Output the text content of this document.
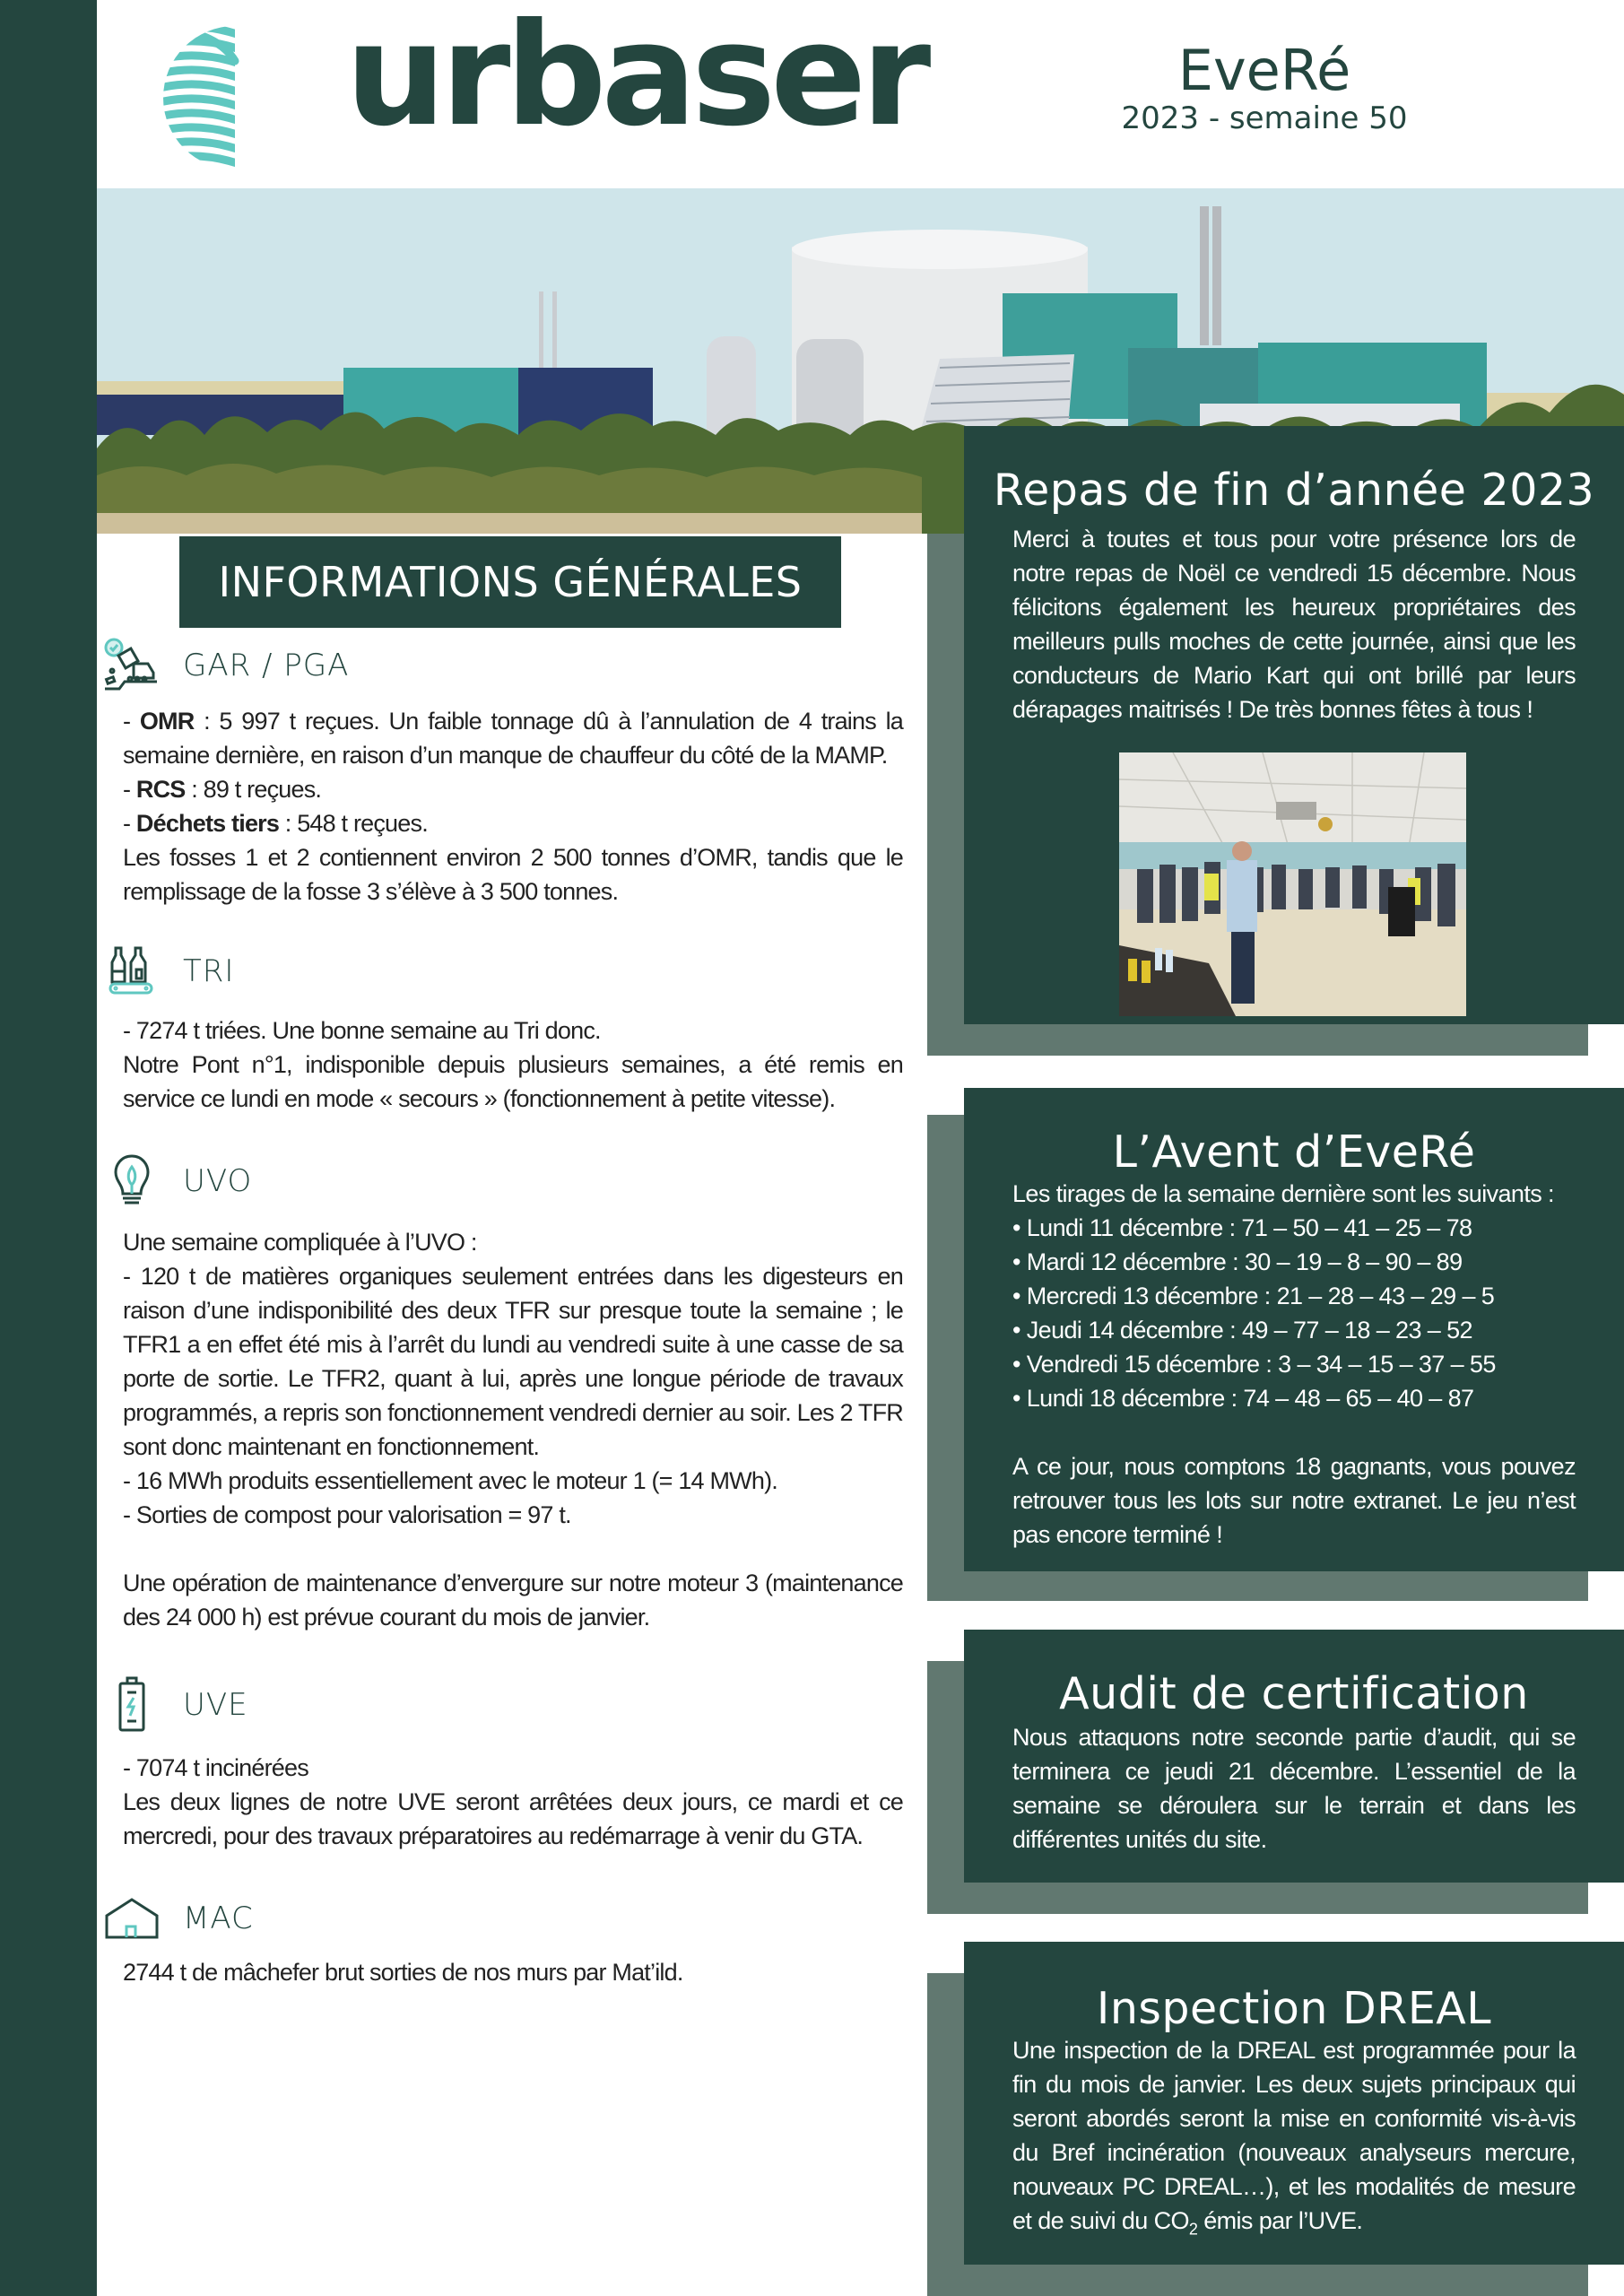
urbaser	EveRé
2023 - semaine 50
INFORMATIONS GÉNÉRALES
GAR / PGA

- OMR : 5 997 t reçues. Un faible tonnage dû à l’annulation de 4 trains la semaine dernière, en raison d’un manque de chauffeur du côté de la MAMP.

- RCS : 89 t reçues.

- Déchets tiers : 548 t reçues.

Les fosses 1 et 2 contiennent environ 2 500 tonnes d’OMR, tandis que le remplissage de la fosse 3 s’élève à 3 500 tonnes.

TRI

- 7274 t triées. Une bonne semaine au Tri donc.

Notre Pont n°1, indisponible depuis plusieurs semaines, a été remis en service ce lundi en mode « secours » (fonctionnement à petite vitesse).

UVO

Une semaine compliquée à l’UVO :

- 120 t de matières organiques seulement entrées dans les digesteurs en raison d’une indisponibilité des deux TFR sur presque toute la semaine ; le TFR1 a en effet été mis à l’arrêt du lundi au vendredi suite à une casse de sa porte de sortie. Le TFR2, quant à lui, après une longue période de travaux programmés, a repris son fonctionnement vendredi dernier au soir. Les 2 TFR sont donc maintenant en fonctionnement.

- 16 MWh produits essentiellement avec le moteur 1 (= 14 MWh).

- Sorties de compost pour valorisation = 97 t.

Une opération de maintenance d’envergure sur notre moteur 3 (maintenance des 24 000 h) est prévue courant du mois de janvier.

UVE

- 7074 t incinérées

Les deux lignes de notre UVE seront arrêtées deux jours, ce mardi et ce mercredi, pour des travaux préparatoires au redémarrage à venir du GTA.

MAC

2744 t de mâchefer brut sorties de nos murs par Mat’ild.

Repas de fin d’année 2023

Merci à toutes et tous pour votre présence lors de notre repas de Noël ce vendredi 15 décembre. Nous félicitons également les heureux propriétaires des meilleurs pulls moches de cette journée, ainsi que les conducteurs de Mario Kart qui ont brillé par leurs dérapages maitrisés ! De très bonnes fêtes à tous !

L’Avent d’EveRé

Les tirages de la semaine dernière sont les suivants :

• Lundi 11 décembre : 71 – 50 – 41 – 25 – 78

• Mardi 12 décembre : 30 – 19 – 8 – 90 – 89

• Mercredi 13 décembre : 21 – 28 – 43 – 29 – 5

• Jeudi 14 décembre : 49 – 77 – 18 – 23 – 52

• Vendredi 15 décembre : 3 – 34 – 15 – 37 – 55

• Lundi 18 décembre : 74 – 48 – 65 – 40 – 87

A ce jour, nous comptons 18 gagnants, vous pouvez retrouver tous les lots sur notre extranet. Le jeu n’est pas encore terminé !

Audit de certification

Nous attaquons notre seconde partie d’audit, qui se terminera ce jeudi 21 décembre. L’essentiel de la semaine se déroulera sur le terrain et dans les différentes unités du site.

Inspection DREAL

Une inspection de la DREAL est programmée pour la fin du mois de janvier. Les deux sujets principaux qui seront abordés seront la mise en conformité vis-à-vis du Bref incinération (nouveaux analyseurs mercure, nouveaux PC DREAL…), et les modalités de mesure et de suivi du $CO_2$ émis par l’UVE.
